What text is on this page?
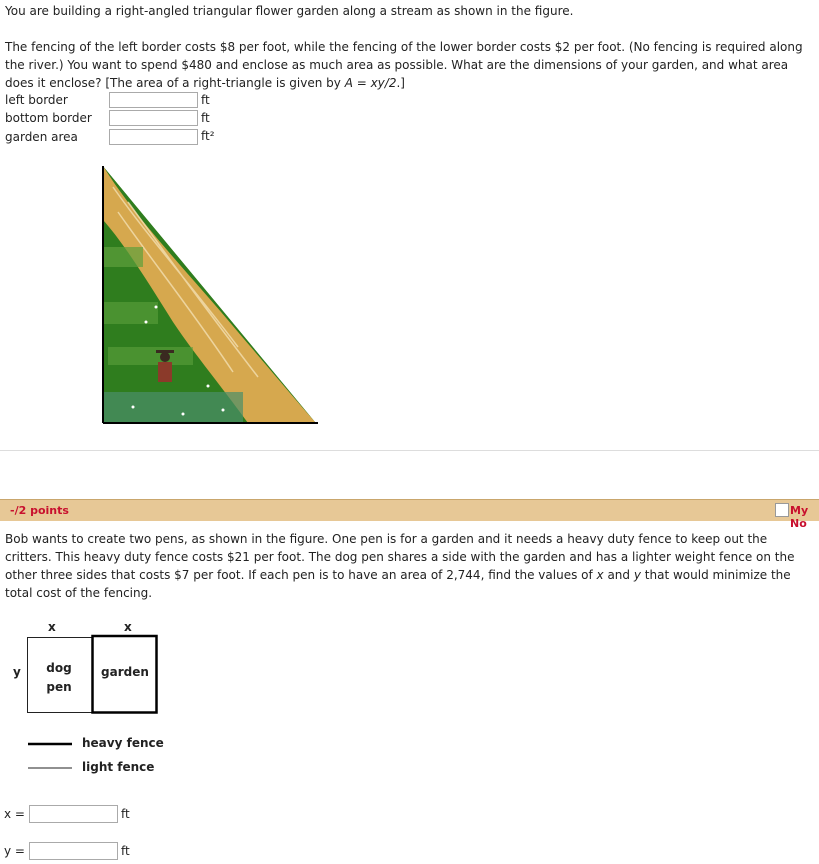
You are building a right-angled triangular flower garden along a stream as shown in the figure.
The fencing of the left border costs $8 per foot, while the fencing of the lower border costs $2 per foot. (No fencing is required along the river.) You want to spend $480 and enclose as much area as possible. What are the dimensions of your garden, and what area does it enclose? [The area of a right-triangle is given by A = xy/2.]
left border	ft
bottom border	ft
garden area	ft²
-/2 points	My No
Bob wants to create two pens, as shown in the figure. One pen is for a garden and it needs a heavy duty fence to keep out the critters. This heavy duty fence costs $21 per foot. The dog pen shares a side with the garden and has a lighter weight fence on the other three sides that costs $7 per foot. If each pen is to have an area of 2,744, find the values of x and y that would minimize the total cost of the fencing.
x	x
y	dog
pen
garden
heavy fence
light fence
x =	ft
y =	ft
